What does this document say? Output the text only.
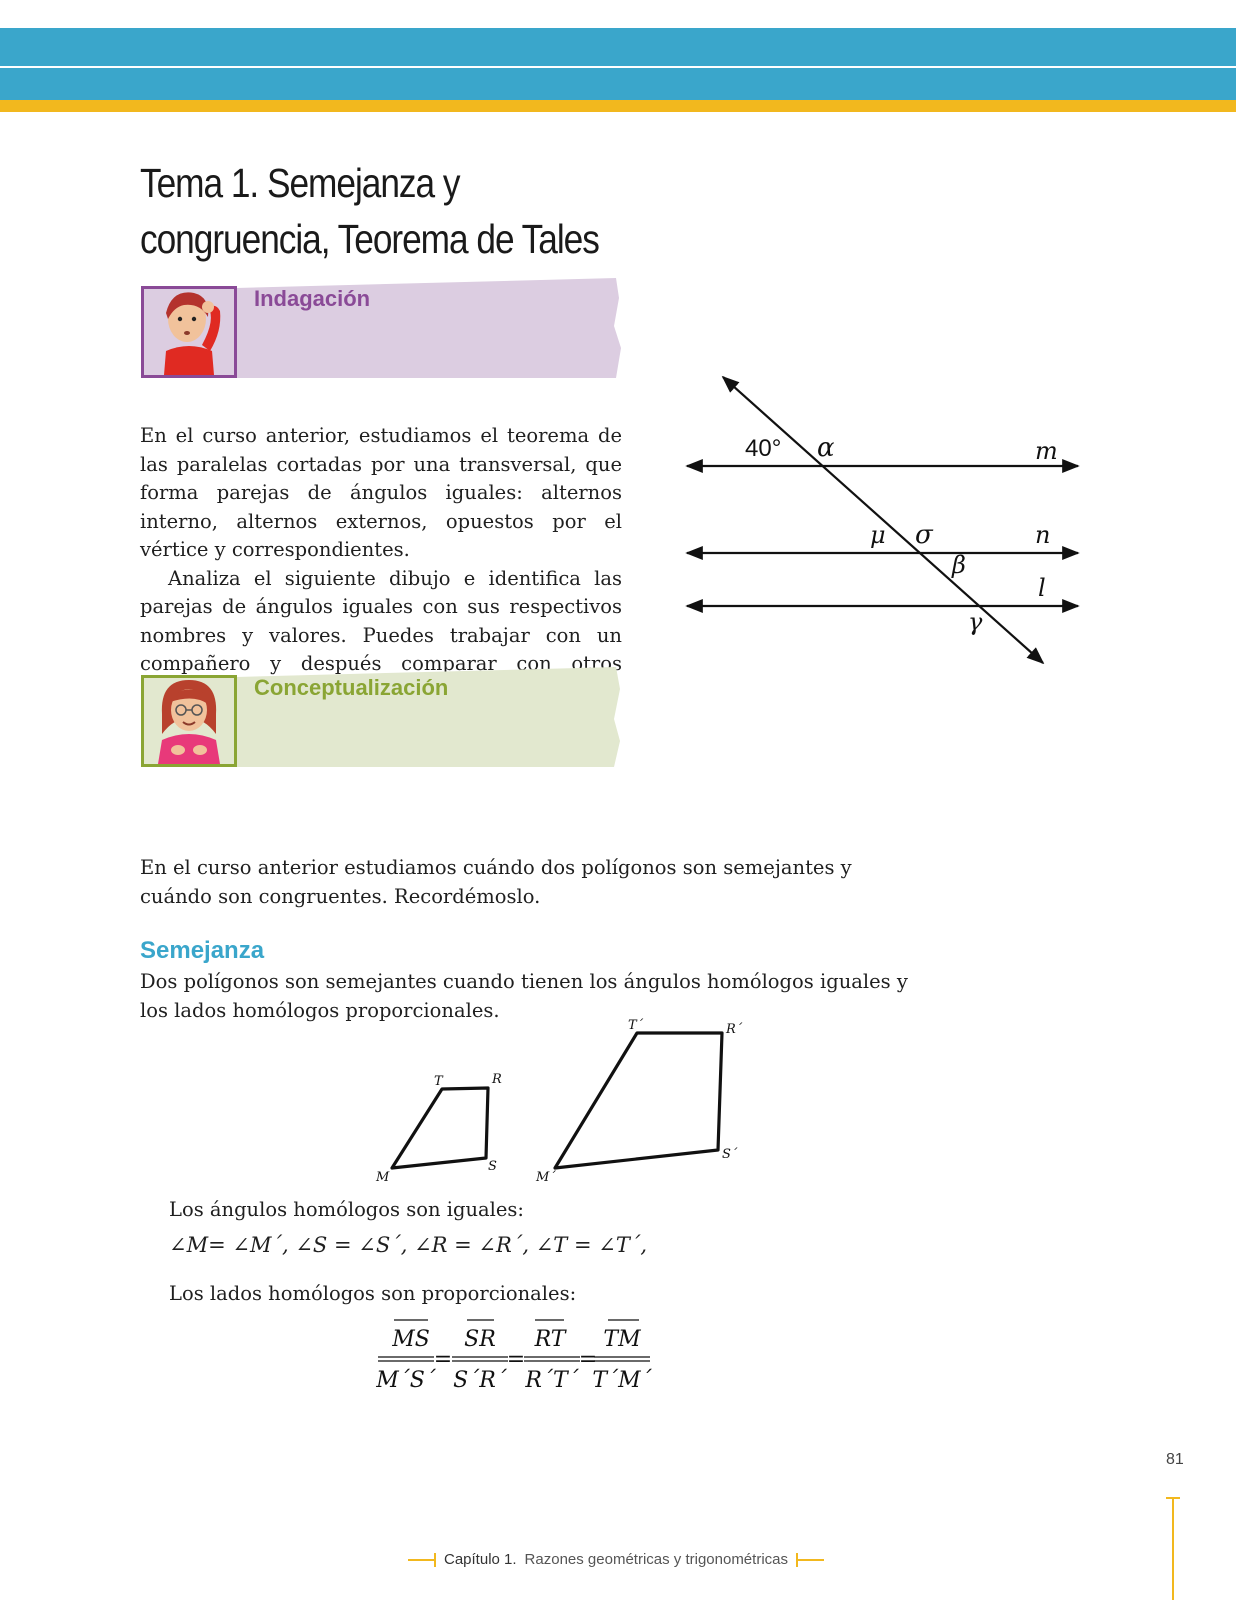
Tema 1. Semejanza y
congruencia, Teorema de Tales
Indagación

En el curso anterior, estudiamos el teorema de las paralelas cortadas por una transversal, que forma parejas de ángulos iguales: alternos interno, alternos externos, opuestos por el vértice y correspondientes.

Analiza el siguiente dibujo e identifica las parejas de ángulos iguales con sus respectivos nombres y valores. Puedes trabajar con un compañero y después comparar con otros

40° α	m
μ σ	n
β
l
γ
Conceptualización
En el curso anterior estudiamos cuándo dos polígonos son semejantes y cuándo son congruentes. Recordémoslo.
Semejanza
Dos polígonos son semejantes cuando tienen los ángulos homólogos iguales y los lados homólogos proporcionales.
M
T	R
S
M´
T´	R´
S´
Los ángulos homólogos son iguales:
∠M= ∠M´, ∠S = ∠S´, ∠R = ∠R´, ∠T = ∠T´,
Los lados homólogos son proporcionales:
MS
M´S´
=
SR
S´R´
=
RT
R´T´
=
TM
T´M´
81
Capítulo 1. Razones geométricas y trigonométricas
